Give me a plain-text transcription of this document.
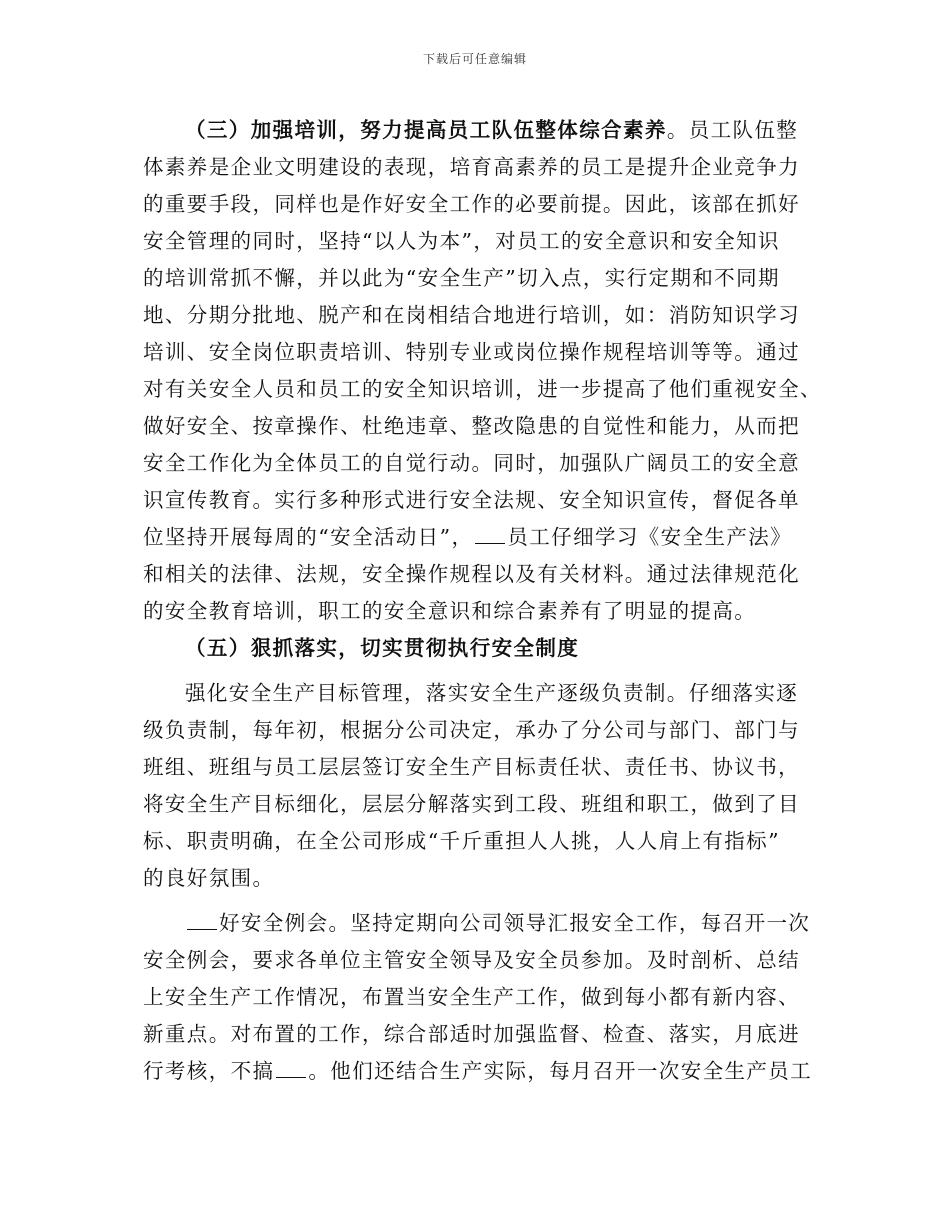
下载后可任意编辑
（三）加强培训，努力提高员工队伍整体综合素养。员工队伍整
体素养是企业文明建设的表现，培育高素养的员工是提升企业竞争力
的重要手段，同样也是作好安全工作的必要前提。因此，该部在抓好
安全管理的同时，坚持“以人为本”，对员工的安全意识和安全知识
的培训常抓不懈，并以此为“安全生产”切入点，实行定期和不同期
地、分期分批地、脱产和在岗相结合地进行培训，如：消防知识学习
培训、安全岗位职责培训、特别专业或岗位操作规程培训等等。通过
对有关安全人员和员工的安全知识培训，进一步提高了他们重视安全、
做好安全、按章操作、杜绝违章、整改隐患的自觉性和能力，从而把
安全工作化为全体员工的自觉行动。同时，加强队广阔员工的安全意
识宣传教育。实行多种形式进行安全法规、安全知识宣传，督促各单
位坚持开展每周的“安全活动日”， 员工仔细学习《安全生产法》
和相关的法律、法规，安全操作规程以及有关材料。通过法律规范化
的安全教育培训，职工的安全意识和综合素养有了明显的提高。
（五）狠抓落实，切实贯彻执行安全制度
强化安全生产目标管理，落实安全生产逐级负责制。仔细落实逐
级负责制，每年初，根据分公司决定，承办了分公司与部门、部门与
班组、班组与员工层层签订安全生产目标责任状、责任书、协议书，
将安全生产目标细化，层层分解落实到工段、班组和职工，做到了目
标、职责明确，在全公司形成“千斤重担人人挑，人人肩上有指标”
的良好氛围。
好安全例会。坚持定期向公司领导汇报安全工作，每召开一次
安全例会，要求各单位主管安全领导及安全员参加。及时剖析、总结
上安全生产工作情况，布置当安全生产工作，做到每小都有新内容、
新重点。对布置的工作，综合部适时加强监督、检查、落实，月底进
行考核，不搞 。他们还结合生产实际，每月召开一次安全生产员工
